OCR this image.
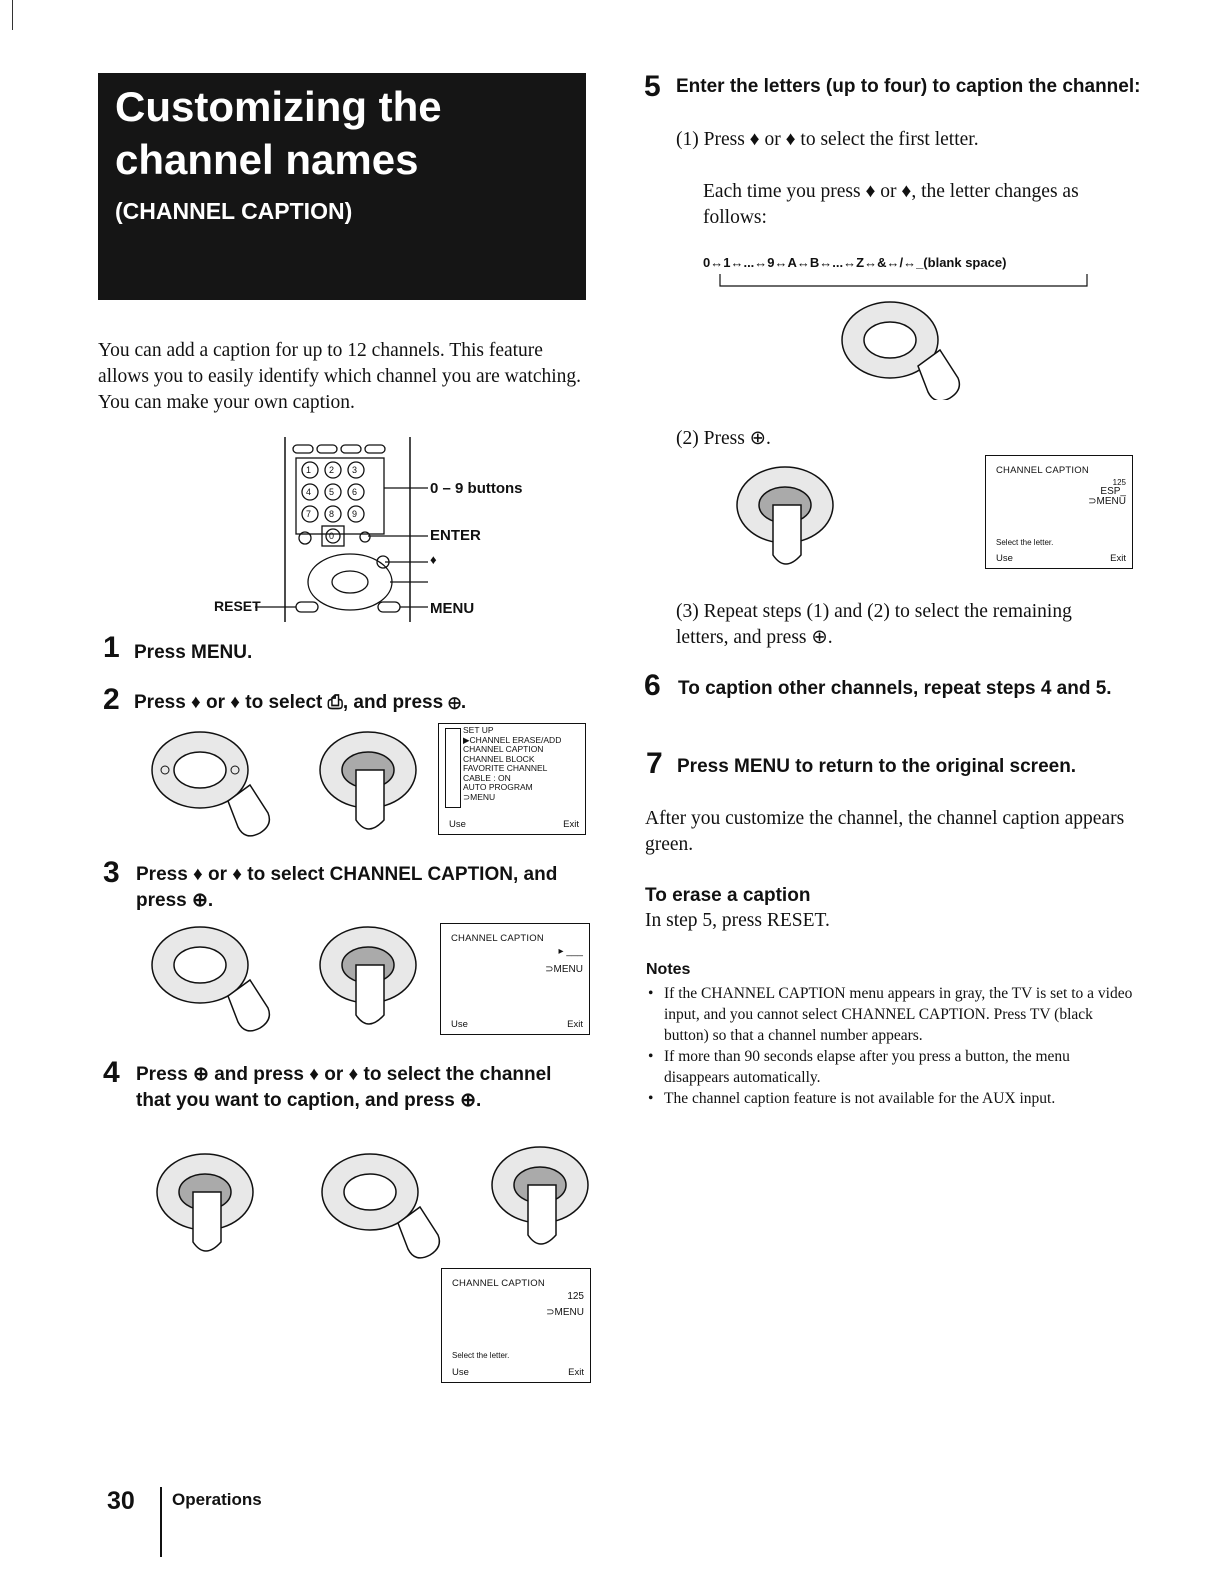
Customizing the
channel names
(CHANNEL CAPTION)
You can add a caption for up to 12 channels. This feature allows you to easily identify which channel you are watching. You can make your own caption.
1 2 3
4 5 6
7 8 9
0
0 – 9 buttons
ENTER
♦
RESET	MENU
1 Press MENU.
2 Press ♦ or ♦ to select ⎙, and press ⊕.
SET UP
▶CHANNEL ERASE/ADD
CHANNEL CAPTION
CHANNEL BLOCK
FAVORITE CHANNEL
CABLE : ON
AUTO PROGRAM
⊃MENU
Use	Exit
3 Press ♦ or ♦ to select CHANNEL CAPTION, and press ⊕.
CHANNEL CAPTION
▸ ___
⊃MENU
Use	Exit
4 Press ⊕ and press ♦ or ♦ to select the channel that you want to caption, and press ⊕.
CHANNEL CAPTION
125
⊃MENU
Select the letter.
Use	Exit
5 Enter the letters (up to four) to caption the channel:
(1) Press ♦ or ♦ to select the first letter.
Each time you press ♦ or ♦, the letter changes as follows:
0↔1↔...↔9↔A↔B↔...↔Z↔&↔/↔_(blank space)
(2) Press ⊕.
CHANNEL CAPTION
125
ESP_
⊃MENU
Select the letter.
Use	Exit
(3) Repeat steps (1) and (2) to select the remaining letters, and press ⊕.
6 To caption other channels, repeat steps 4 and 5.
7 Press MENU to return to the original screen.
After you customize the channel, the channel caption appears green.
To erase a caption
In step 5, press RESET.
Notes
• If the CHANNEL CAPTION menu appears in gray, the TV is set to a video input, and you cannot select CHANNEL CAPTION. Press TV (black button) so that a channel number appears.
• If more than 90 seconds elapse after you press a button, the menu disappears automatically.
• The channel caption feature is not available for the AUX input.
30 Operations
